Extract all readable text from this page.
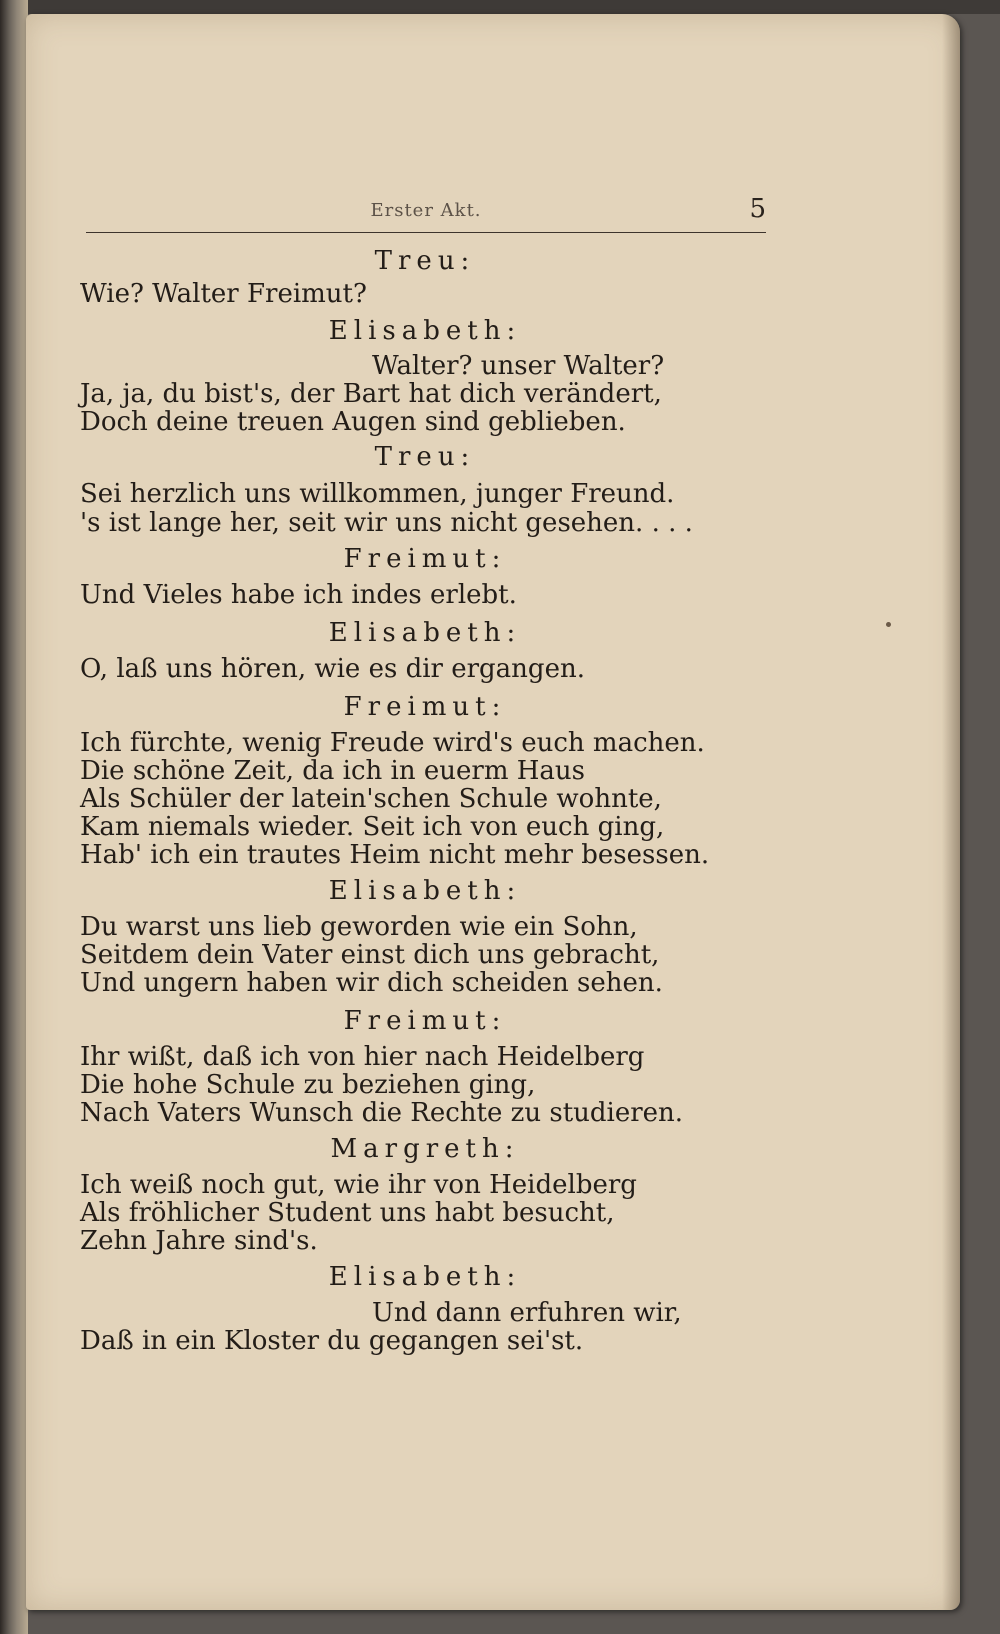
Erster Akt.	5
Treu:
Wie? Walter Freimut?
Elisabeth:
Walter? unser Walter?
Ja, ja, du bist's, der Bart hat dich verändert,
Doch deine treuen Augen sind geblieben.
Treu:
Sei herzlich uns willkommen, junger Freund.
's ist lange her, seit wir uns nicht gesehen. . . .
Freimut:
Und Vieles habe ich indes erlebt.
Elisabeth:
O, laß uns hören, wie es dir ergangen.
Freimut:
Ich fürchte, wenig Freude wird's euch machen.
Die schöne Zeit, da ich in euerm Haus
Als Schüler der latein'schen Schule wohnte,
Kam niemals wieder. Seit ich von euch ging,
Hab' ich ein trautes Heim nicht mehr besessen.
Elisabeth:
Du warst uns lieb geworden wie ein Sohn,
Seitdem dein Vater einst dich uns gebracht,
Und ungern haben wir dich scheiden sehen.
Freimut:
Ihr wißt, daß ich von hier nach Heidelberg
Die hohe Schule zu beziehen ging,
Nach Vaters Wunsch die Rechte zu studieren.
Margreth:
Ich weiß noch gut, wie ihr von Heidelberg
Als fröhlicher Student uns habt besucht,
Zehn Jahre sind's.
Elisabeth:
Und dann erfuhren wir,
Daß in ein Kloster du gegangen sei'st.
